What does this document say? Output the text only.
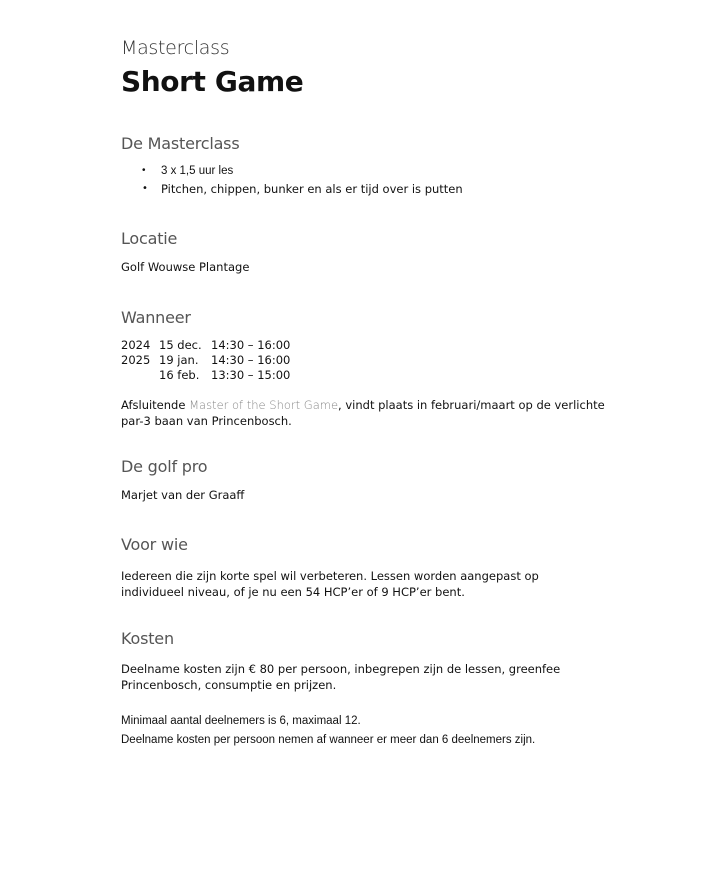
Masterclass

Short Game

De Masterclass

• 3 x 1,5 uur les
• Pitchen, chippen, bunker en als er tijd over is putten

Locatie

Golf Wouwse Plantage

Wanneer

2024 15 dec. 14:30 – 16:00
2025 19 jan.	14:30 – 16:00
16 feb.	13:30 – 15:00

Afsluitende Master of the Short Game, vindt plaats in februari/maart op de verlichte par-3 baan van Princenbosch.

De golf pro

Marjet van der Graaff

Voor wie

Iedereen die zijn korte spel wil verbeteren. Lessen worden aangepast op individueel niveau, of je nu een 54 HCP’er of 9 HCP’er bent.

Kosten

Deelname kosten zijn € 80 per persoon, inbegrepen zijn de lessen, greenfee Princenbosch, consumptie en prijzen.

Minimaal aantal deelnemers is 6, maximaal 12.
Deelname kosten per persoon nemen af wanneer er meer dan 6 deelnemers zijn.
